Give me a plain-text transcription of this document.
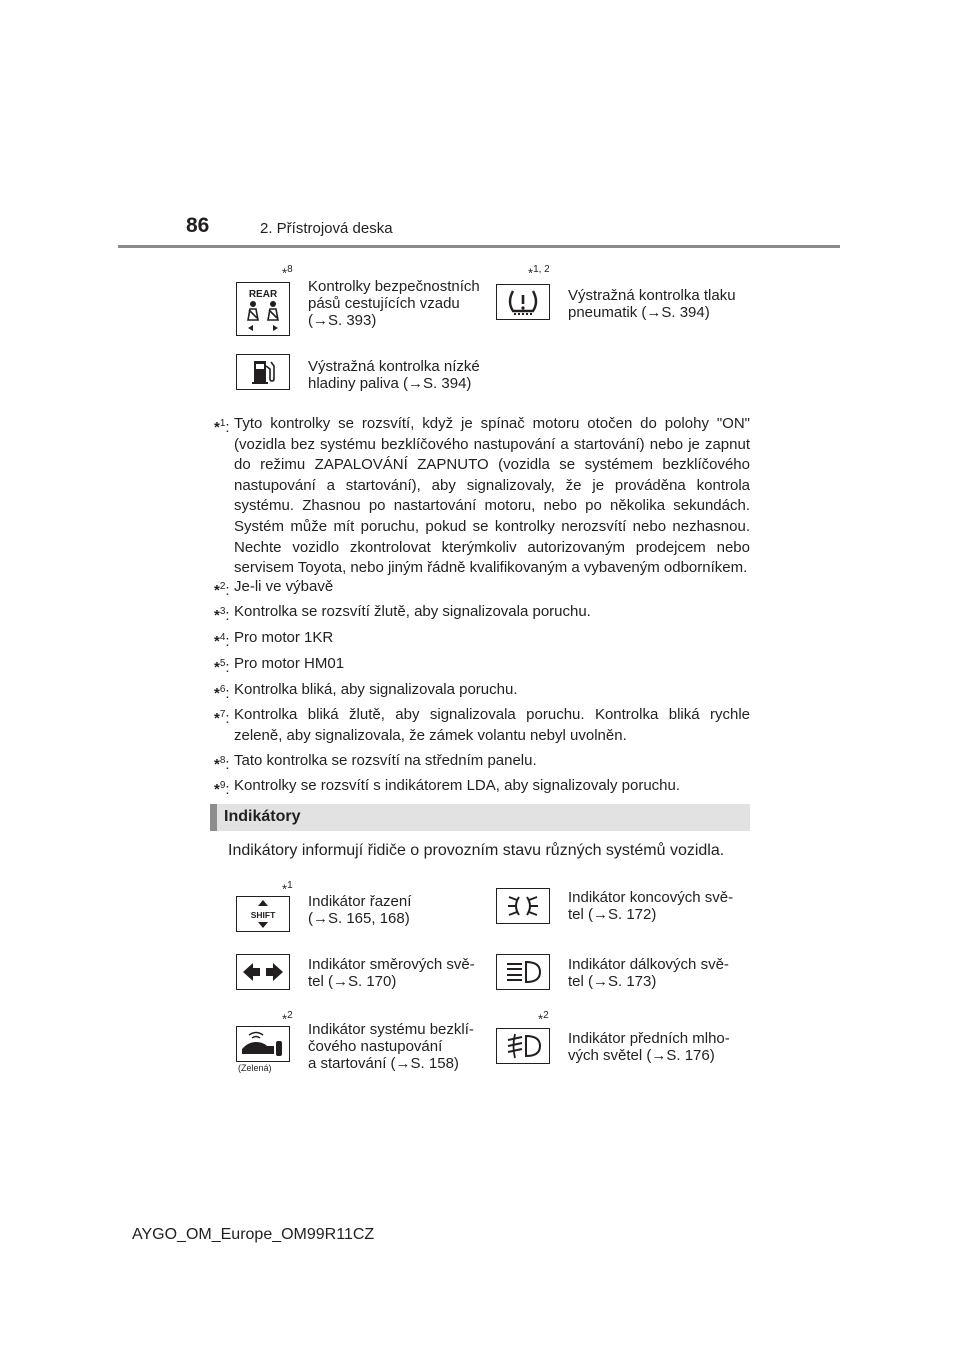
86	2. Přístrojová deska
*$^8$
REAR Kontrolky bezpečnostních
pásů cestujících vzadu
(→S. 393)
*$^{1, 2}$
Výstražná kontrolka tlaku
pneumatik (→S. 394)
Výstražná kontrolka nízké
hladiny paliva (→S. 394)
*$^1$: Tyto kontrolky se rozsvítí, když je spínač motoru otočen do polohy "ON" (vozidla bez systému bezklíčového nastupování a startování) nebo je zapnut do režimu ZAPALOVÁNÍ ZAPNUTO (vozidla se systémem bezklíčového nastupování a startování), aby signalizovaly, že je prováděna kontrola systému. Zhasnou po nastartování motoru, nebo po několika sekundách. Systém může mít poruchu, pokud se kontrolky nerozsvítí nebo nezhasnou. Nechte vozidlo zkontrolovat kterýmkoliv autorizovaným prodejcem nebo servisem Toyota, nebo jiným řádně kvalifikovaným a vybaveným odborníkem.
*$^2$: Je-li ve výbavě
*$^3$: Kontrolka se rozsvítí žlutě, aby signalizovala poruchu.
*$^4$: Pro motor 1KR
*$^5$: Pro motor HM01
*$^6$: Kontrolka bliká, aby signalizovala poruchu.
*$^7$: Kontrolka bliká žlutě, aby signalizovala poruchu. Kontrolka bliká rychle zeleně, aby signalizovala, že zámek volantu nebyl uvolněn.
*$^8$: Tato kontrolka se rozsvítí na středním panelu.
*$^9$: Kontrolky se rozsvítí s indikátorem LDA, aby signalizovaly poruchu.
Indikátory
Indikátory informují řidiče o provozním stavu různých systémů vozidla.
*$^1$
SHIFT
Indikátor řazení
(→S. 165, 168)
Indikátor koncových svě-
tel (→S. 172)
Indikátor směrových svě-
tel (→S. 170)
Indikátor dálkových svě-
tel (→S. 173)
*$^2$
(Zelená)
Indikátor systému bezklí-
čového nastupování
a startování (→S. 158)
*$^2$
Indikátor předních mlho-
vých světel (→S. 176)
AYGO_OM_Europe_OM99R11CZ
